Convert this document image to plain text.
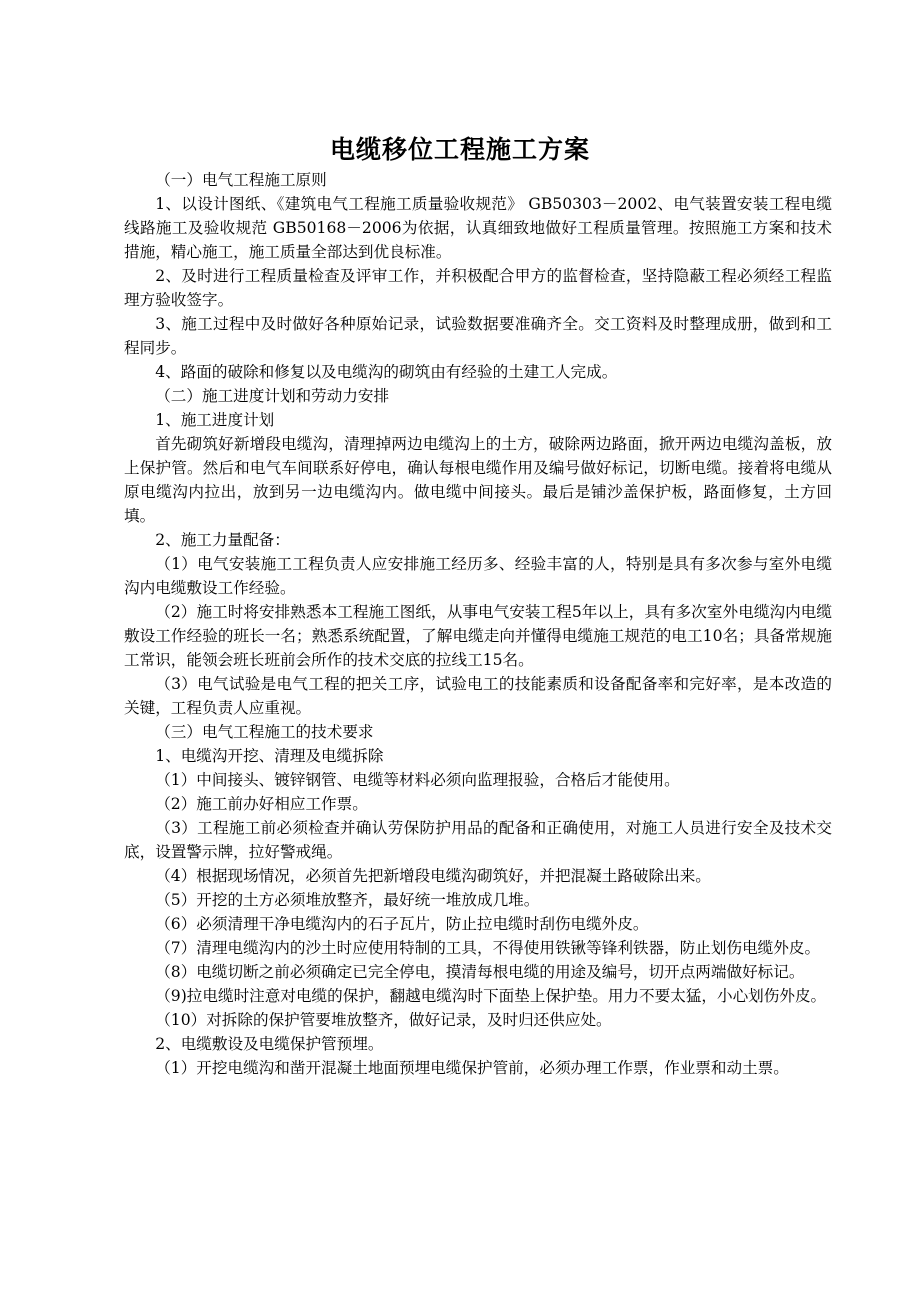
电缆移位工程施工方案

（一）电气工程施工原则

1、以设计图纸、《建筑电气工程施工质量验收规范》 GB50303－2002、电气装置安装工程电缆线路施工及验收规范 GB50168－2006为依据，认真细致地做好工程质量管理。按照施工方案和技术措施，精心施工，施工质量全部达到优良标准。

2、及时进行工程质量检查及评审工作，并积极配合甲方的监督检查，坚持隐蔽工程必须经工程监理方验收签字。

3、施工过程中及时做好各种原始记录，试验数据要准确齐全。交工资料及时整理成册，做到和工程同步。

4、路面的破除和修复以及电缆沟的砌筑由有经验的土建工人完成。

（二）施工进度计划和劳动力安排

1、施工进度计划

首先砌筑好新增段电缆沟，清理掉两边电缆沟上的土方，破除两边路面，掀开两边电缆沟盖板，放上保护管。然后和电气车间联系好停电，确认每根电缆作用及编号做好标记，切断电缆。接着将电缆从原电缆沟内拉出，放到另一边电缆沟内。做电缆中间接头。最后是铺沙盖保护板，路面修复，土方回填。

2、施工力量配备：

（1）电气安装施工工程负责人应安排施工经历多、经验丰富的人，特别是具有多次参与室外电缆沟内电缆敷设工作经验。

（2）施工时将安排熟悉本工程施工图纸，从事电气安装工程5年以上，具有多次室外电缆沟内电缆敷设工作经验的班长一名；熟悉系统配置，了解电缆走向并懂得电缆施工规范的电工10名；具备常规施工常识，能领会班长班前会所作的技术交底的拉线工15名。

（3）电气试验是电气工程的把关工序，试验电工的技能素质和设备配备率和完好率，是本改造的关键，工程负责人应重视。

（三）电气工程施工的技术要求

1、电缆沟开挖、清理及电缆拆除

（1）中间接头、镀锌钢管、电缆等材料必须向监理报验，合格后才能使用。

（2）施工前办好相应工作票。

（3）工程施工前必须检查并确认劳保防护用品的配备和正确使用，对施工人员进行安全及技术交底，设置警示牌，拉好警戒绳。

（4）根据现场情况，必须首先把新增段电缆沟砌筑好，并把混凝土路破除出来。

（5）开挖的土方必须堆放整齐，最好统一堆放成几堆。

（6）必须清理干净电缆沟内的石子瓦片，防止拉电缆时刮伤电缆外皮。

（7）清理电缆沟内的沙土时应使用特制的工具，不得使用铁锹等锋利铁器，防止划伤电缆外皮。

（8）电缆切断之前必须确定已完全停电，摸清每根电缆的用途及编号，切开点两端做好标记。

（9)拉电缆时注意对电缆的保护，翻越电缆沟时下面垫上保护垫。用力不要太猛，小心划伤外皮。

（10）对拆除的保护管要堆放整齐，做好记录，及时归还供应处。

2、电缆敷设及电缆保护管预埋。

（1）开挖电缆沟和凿开混凝土地面预埋电缆保护管前，必须办理工作票，作业票和动土票。
